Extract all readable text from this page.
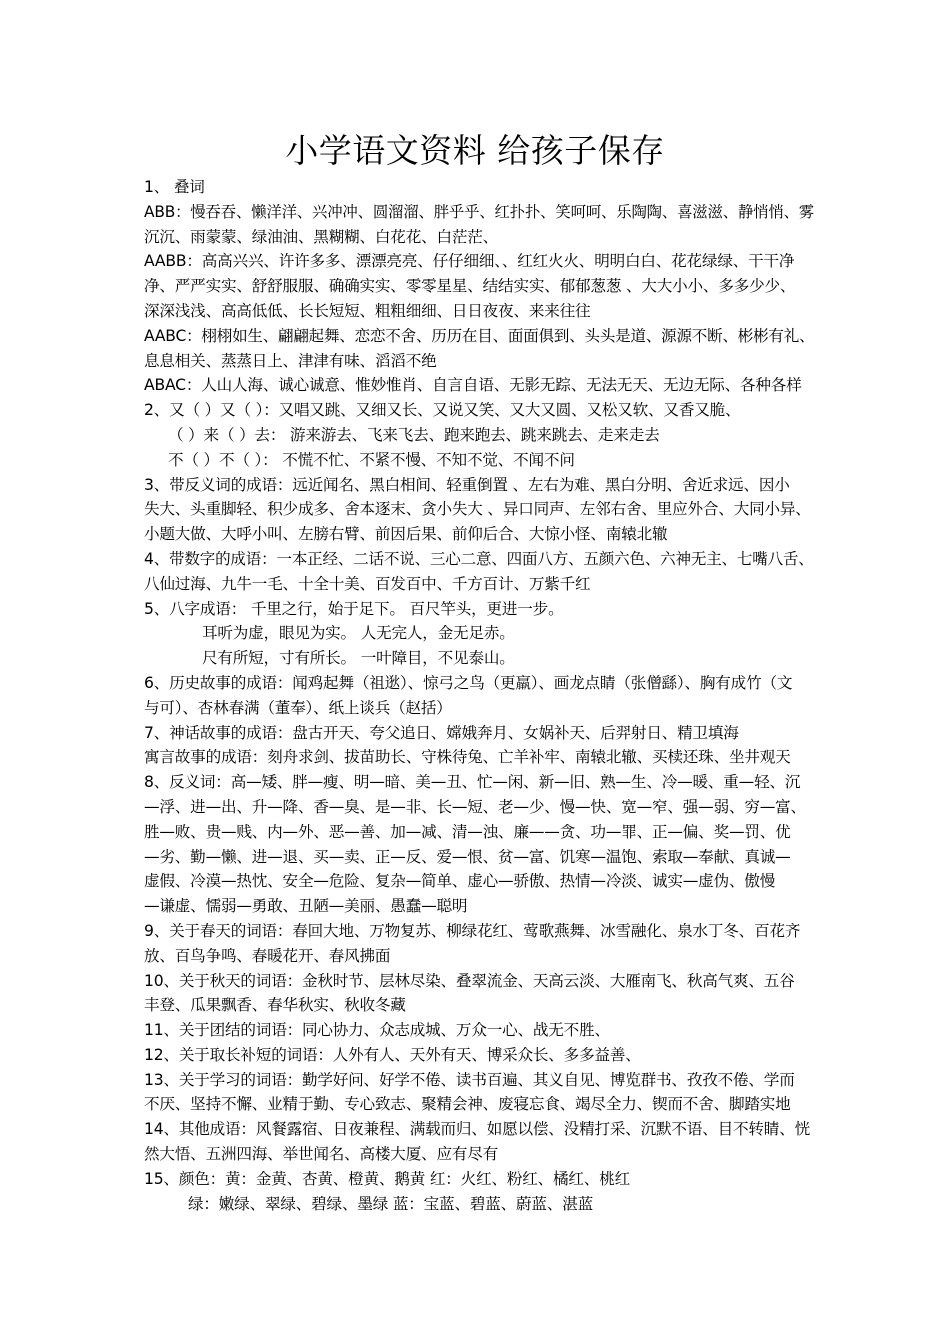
小学语文资料 给孩子保存
1、 叠词
ABB：慢吞吞、懒洋洋、兴冲冲、圆溜溜、胖乎乎、红扑扑、笑呵呵、乐陶陶、喜滋滋、静悄悄、雾
沉沉、雨蒙蒙、绿油油、黑糊糊、白花花、白茫茫、
AABB：高高兴兴、许许多多、漂漂亮亮、仔仔细细、、红红火火、明明白白、花花绿绿、干干净
净、严严实实、舒舒服服、确确实实、零零星星、结结实实、郁郁葱葱 、大大小小、多多少少、
深深浅浅、高高低低、长长短短、粗粗细细、日日夜夜、来来往往
AABC：栩栩如生、翩翩起舞、恋恋不舍、历历在目、面面俱到、头头是道、源源不断、彬彬有礼、
息息相关、蒸蒸日上、津津有味、滔滔不绝
ABAC：人山人海、诚心诚意、惟妙惟肖、自言自语、无影无踪、无法无天、无边无际、各种各样
2、又（ ）又（ ）：又唱又跳、又细又长、又说又笑、又大又圆、又松又软、又香又脆、
（ ）来（ ）去： 游来游去、飞来飞去、跑来跑去、跳来跳去、走来走去
不（ ）不（ ）： 不慌不忙、不紧不慢、不知不觉、不闻不问
3、带反义词的成语：远近闻名、黑白相间、轻重倒置 、左右为难、黑白分明、舍近求远、因小
失大、头重脚轻、积少成多、舍本逐末、贪小失大 、异口同声、左邻右舍、里应外合、大同小异、
小题大做、大呼小叫、左膀右臂、前因后果、前仰后合、大惊小怪、南辕北辙
4、带数字的成语：一本正经、二话不说、三心二意、四面八方、五颜六色、六神无主、七嘴八舌、
八仙过海、九牛一毛、十全十美、百发百中、千方百计、万紫千红
5、八字成语： 千里之行，始于足下。 百尺竿头，更进一步。
耳听为虚，眼见为实。 人无完人，金无足赤。
尺有所短，寸有所长。 一叶障目，不见泰山。
6、历史故事的成语：闻鸡起舞（祖逖）、惊弓之鸟（更羸）、画龙点睛（张僧繇）、胸有成竹（文
与可）、杏林春满（董奉）、纸上谈兵（赵括）
7、神话故事的成语：盘古开天、夸父追日、嫦娥奔月、女娲补天、后羿射日、精卫填海
寓言故事的成语：刻舟求剑、拔苗助长、守株待兔、亡羊补牢、南辕北辙、买椟还珠、坐井观天
8、反义词：高—矮、胖—瘦、明—暗、美—丑、忙—闲、新—旧、熟—生、冷—暖、重—轻、沉
—浮、进—出、升—降、香—臭、是—非、长—短、老—少、慢—快、宽—窄、强—弱、穷—富、
胜—败、贵—贱、内—外、恶—善、加—减、清—浊、廉——贪、功—罪、正—偏、奖—罚、优
—劣、勤—懒、进—退、买—卖、正—反、爱—恨、贫—富、饥寒—温饱、索取—奉献、真诚—
虚假、冷漠—热忱、安全—危险、复杂—简单、虚心—骄傲、热情—冷淡、诚实—虚伪、傲慢
—谦虚、懦弱—勇敢、丑陋—美丽、愚蠢—聪明
9、关于春天的词语：春回大地、万物复苏、柳绿花红、莺歌燕舞、冰雪融化、泉水丁冬、百花齐
放、百鸟争鸣、春暖花开、春风拂面
10、关于秋天的词语：金秋时节、层林尽染、叠翠流金、天高云淡、大雁南飞、秋高气爽、五谷
丰登、瓜果飘香、春华秋实、秋收冬藏
11、关于团结的词语：同心协力、众志成城、万众一心、战无不胜、
12、关于取长补短的词语：人外有人、天外有天、博采众长、多多益善、
13、关于学习的词语：勤学好问、好学不倦、读书百遍、其义自见、博览群书、孜孜不倦、学而
不厌、坚持不懈、业精于勤、专心致志、聚精会神、废寝忘食、竭尽全力、锲而不舍、脚踏实地
14、其他成语：风餐露宿、日夜兼程、满载而归、如愿以偿、没精打采、沉默不语、目不转睛、恍
然大悟、五洲四海、举世闻名、高楼大厦、应有尽有
15、颜色：黄：金黄、杏黄、橙黄、鹅黄 红：火红、粉红、橘红、桃红
绿：嫩绿、翠绿、碧绿、墨绿 蓝：宝蓝、碧蓝、蔚蓝、湛蓝
